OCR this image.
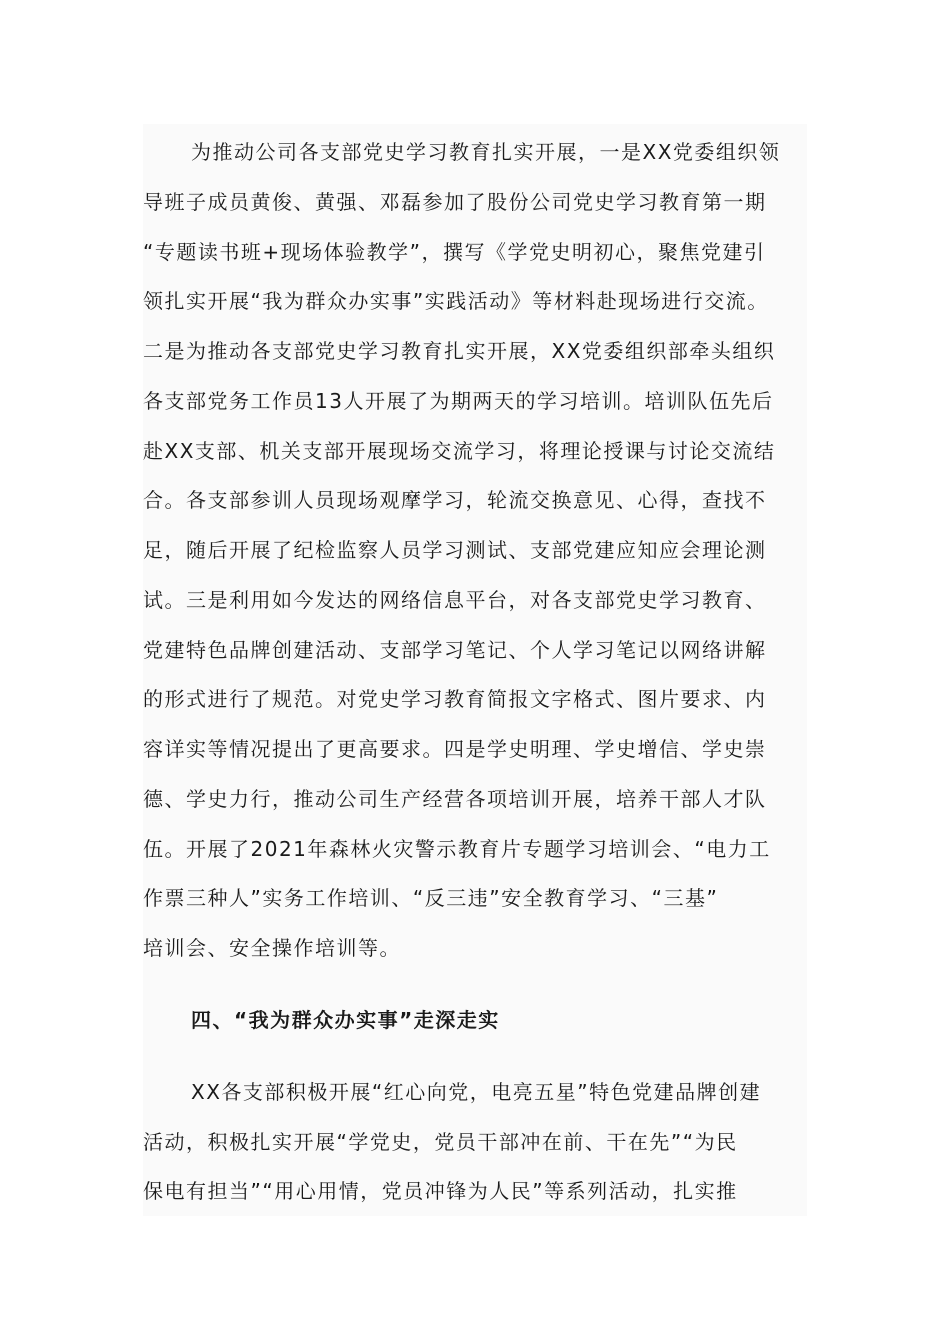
为推动公司各支部党史学习教育扎实开展，一是XX党委组织领
导班子成员黄俊、黄强、邓磊参加了股份公司党史学习教育第一期
“专题读书班+现场体验教学”，撰写《学党史明初心，聚焦党建引
领扎实开展“我为群众办实事”实践活动》等材料赴现场进行交流。
二是为推动各支部党史学习教育扎实开展，XX党委组织部牵头组织
各支部党务工作员13人开展了为期两天的学习培训。培训队伍先后
赴XX支部、机关支部开展现场交流学习，将理论授课与讨论交流结
合。各支部参训人员现场观摩学习，轮流交换意见、心得，查找不
足，随后开展了纪检监察人员学习测试、支部党建应知应会理论测
试。三是利用如今发达的网络信息平台，对各支部党史学习教育、
党建特色品牌创建活动、支部学习笔记、个人学习笔记以网络讲解
的形式进行了规范。对党史学习教育简报文字格式、图片要求、内
容详实等情况提出了更高要求。四是学史明理、学史增信、学史崇
德、学史力行，推动公司生产经营各项培训开展，培养干部人才队
伍。开展了2021年森林火灾警示教育片专题学习培训会、“电力工
作票三种人”实务工作培训、“反三违”安全教育学习、“三基”
培训会、安全操作培训等。
四、“我为群众办实事”走深走实
XX各支部积极开展“红心向党，电亮五星”特色党建品牌创建
活动，积极扎实开展“学党史，党员干部冲在前、干在先”“为民
保电有担当”“用心用情，党员冲锋为人民”等系列活动，扎实推
